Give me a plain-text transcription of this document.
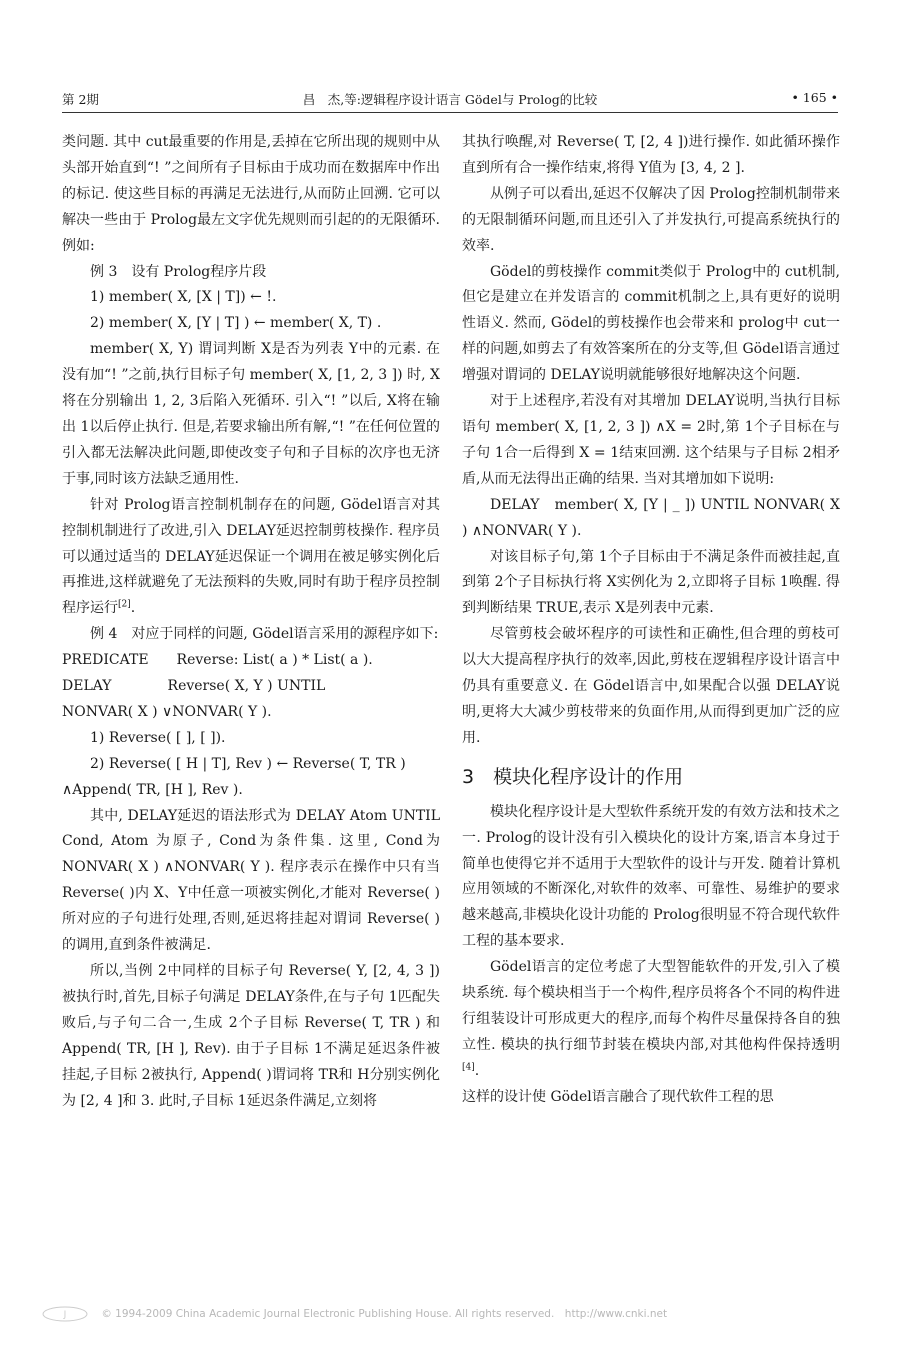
第 2期	昌　杰,等:逻辑程序设计语言 Gödel与 Prolog的比较	• 165 •

类问题. 其中 cut最重要的作用是,丢掉在它所出现的规则中从头部开始直到“! ”之间所有子目标由于成功而在数据库中作出的标记. 使这些目标的再满足无法进行,从而防止回溯. 它可以解决一些由于 Prolog最左文字优先规则而引起的的无限循环. 例如:

例 3　设有 Prolog程序片段

1) member( X, [X | T]) ← !.

2) member( X, [Y | T] ) ← member( X, T) .

member( X, Y) 谓词判断 X是否为列表 Y中的元素. 在没有加“! ”之前,执行目标子句 member( X, [1, 2, 3 ]) 时, X将在分别输出 1, 2, 3后陷入死循环. 引入“! ”以后, X将在输出 1以后停止执行. 但是,若要求输出所有解,“! ”在任何位置的引入都无法解决此问题,即使改变子句和子目标的次序也无济于事,同时该方法缺乏通用性.

针对 Prolog语言控制机制存在的问题, Gödel语言对其控制机制进行了改进,引入 DELAY延迟控制剪枝操作. 程序员可以通过适当的 DELAY延迟保证一个调用在被足够实例化后再推进,这样就避免了无法预料的失败,同时有助于程序员控制程序运行[2].

例 4　对应于同样的问题, Gödel语言采用的源程序如下:

PREDICATE　　Reverse: List( a ) * List( a ).

DELAY　　　　Reverse( X, Y ) UNTIL

NONVAR( X ) ∨NONVAR( Y ).

1) Reverse( [ ], [ ]).

2) Reverse( [ H | T], Rev ) ← Reverse( T, TR )

∧Append( TR, [H ], Rev ).

其中, DELAY延迟的语法形式为 DELAY Atom UNTIL Cond, Atom 为原子, Cond为条件集. 这里, Cond为 NONVAR( X ) ∧NONVAR( Y ). 程序表示在操作中只有当 Reverse( )内 X、Y中任意一项被实例化,才能对 Reverse( )所对应的子句进行处理,否则,延迟将挂起对谓词 Reverse( )的调用,直到条件被满足.

所以,当例 2中同样的目标子句 Reverse( Y, [2, 4, 3 ])被执行时,首先,目标子句满足 DELAY条件,在与子句 1匹配失败后,与子句二合一,生成 2个子目标 Reverse( T, TR ) 和 Append( TR, [H ], Rev). 由于子目标 1不满足延迟条件被挂起,子目标 2被执行, Append( )谓词将 TR和 H分别实例化为 [2, 4 ]和 3. 此时,子目标 1延迟条件满足,立刻将

其执行唤醒,对 Reverse( T, [2, 4 ])进行操作. 如此循环操作直到所有合一操作结束,将得 Y值为 [3, 4, 2 ].

从例子可以看出,延迟不仅解决了因 Prolog控制机制带来的无限制循环问题,而且还引入了并发执行,可提高系统执行的效率.

Gödel的剪枝操作 commit类似于 Prolog中的 cut机制,但它是建立在并发语言的 commit机制之上,具有更好的说明性语义. 然而, Gödel的剪枝操作也会带来和 prolog中 cut一样的问题,如剪去了有效答案所在的分支等,但 Gödel语言通过增强对谓词的 DELAY说明就能够很好地解决这个问题.

对于上述程序,若没有对其增加 DELAY说明,当执行目标语句 member( X, [1, 2, 3 ]) ∧X = 2时,第 1个子目标在与子句 1合一后得到 X = 1结束回溯. 这个结果与子目标 2相矛盾,从而无法得出正确的结果. 当对其增加如下说明:

DELAY　member( X, [Y | _ ]) UNTIL NONVAR( X ) ∧NONVAR( Y ).

对该目标子句,第 1个子目标由于不满足条件而被挂起,直到第 2个子目标执行将 X实例化为 2,立即将子目标 1唤醒. 得到判断结果 TRUE,表示 X是列表中元素.

尽管剪枝会破坏程序的可读性和正确性,但合理的剪枝可以大大提高程序执行的效率,因此,剪枝在逻辑程序设计语言中仍具有重要意义. 在 Gödel语言中,如果配合以强 DELAY说明,更将大大减少剪枝带来的负面作用,从而得到更加广泛的应用.

3　模块化程序设计的作用

模块化程序设计是大型软件系统开发的有效方法和技术之一. Prolog的设计没有引入模块化的设计方案,语言本身过于简单也使得它并不适用于大型软件的设计与开发. 随着计算机应用领域的不断深化,对软件的效率、可靠性、易维护的要求越来越高,非模块化设计功能的 Prolog很明显不符合现代软件工程的基本要求.

Gödel语言的定位考虑了大型智能软件的开发,引入了模块系统. 每个模块相当于一个构件,程序员将各个不同的构件进行组装设计可形成更大的程序,而每个构件尽量保持各自的独立性. 模块的执行细节封装在模块内部,对其他构件保持透明[4].

这样的设计使 Gödel语言融合了现代软件工程的思

J	© 1994-2009 China Academic Journal Electronic Publishing House. All rights reserved.　http://www.cnki.net
